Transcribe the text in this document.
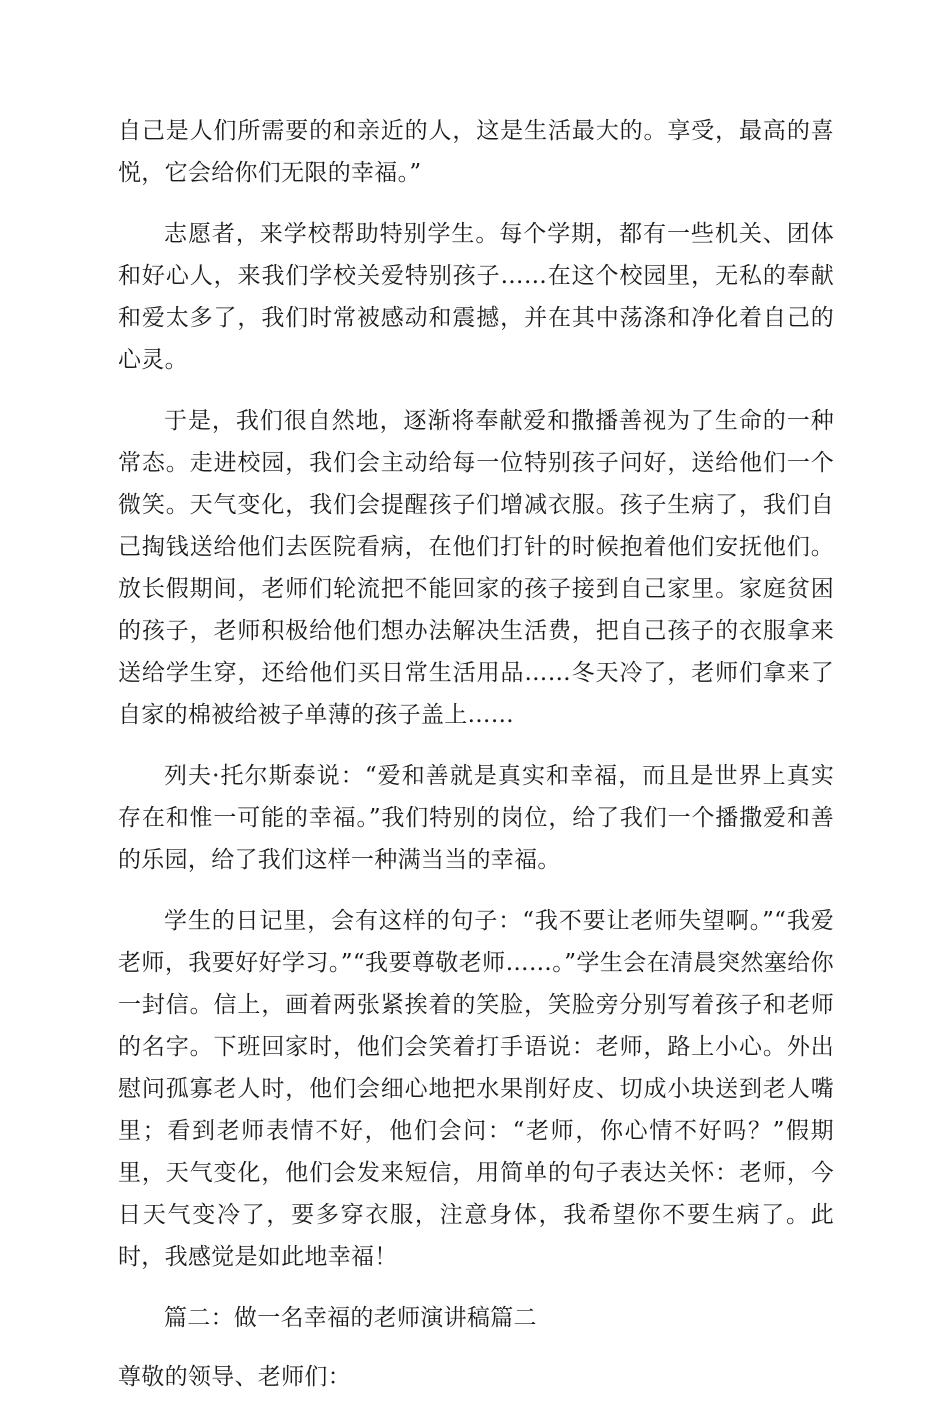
自己是人们所需要的和亲近的人，这是生活最大的。享受，最高的喜悦，它会给你们无限的幸福。”

志愿者，来学校帮助特别学生。每个学期，都有一些机关、团体和好心人，来我们学校关爱特别孩子……在这个校园里，无私的奉献和爱太多了，我们时常被感动和震撼，并在其中荡涤和净化着自己的心灵。

于是，我们很自然地，逐渐将奉献爱和撒播善视为了生命的一种常态。走进校园，我们会主动给每一位特别孩子问好，送给他们一个微笑。天气变化，我们会提醒孩子们增减衣服。孩子生病了，我们自己掏钱送给他们去医院看病，在他们打针的时候抱着他们安抚他们。放长假期间，老师们轮流把不能回家的孩子接到自己家里。家庭贫困的孩子，老师积极给他们想办法解决生活费，把自己孩子的衣服拿来送给学生穿，还给他们买日常生活用品……冬天冷了，老师们拿来了自家的棉被给被子单薄的孩子盖上……

列夫·托尔斯泰说：“爱和善就是真实和幸福，而且是世界上真实存在和惟一可能的幸福。”我们特别的岗位，给了我们一个播撒爱和善的乐园，给了我们这样一种满当当的幸福。

学生的日记里，会有这样的句子：“我不要让老师失望啊。”“我爱老师，我要好好学习。”“我要尊敬老师……。”学生会在清晨突然塞给你一封信。信上，画着两张紧挨着的笑脸，笑脸旁分别写着孩子和老师的名字。下班回家时，他们会笑着打手语说：老师，路上小心。外出慰问孤寡老人时，他们会细心地把水果削好皮、切成小块送到老人嘴里；看到老师表情不好，他们会问：“老师，你心情不好吗？”假期里，天气变化，他们会发来短信，用简单的句子表达关怀：老师，今日天气变冷了，要多穿衣服，注意身体，我希望你不要生病了。此时，我感觉是如此地幸福！

篇二：做一名幸福的老师演讲稿篇二

尊敬的领导、老师们：
